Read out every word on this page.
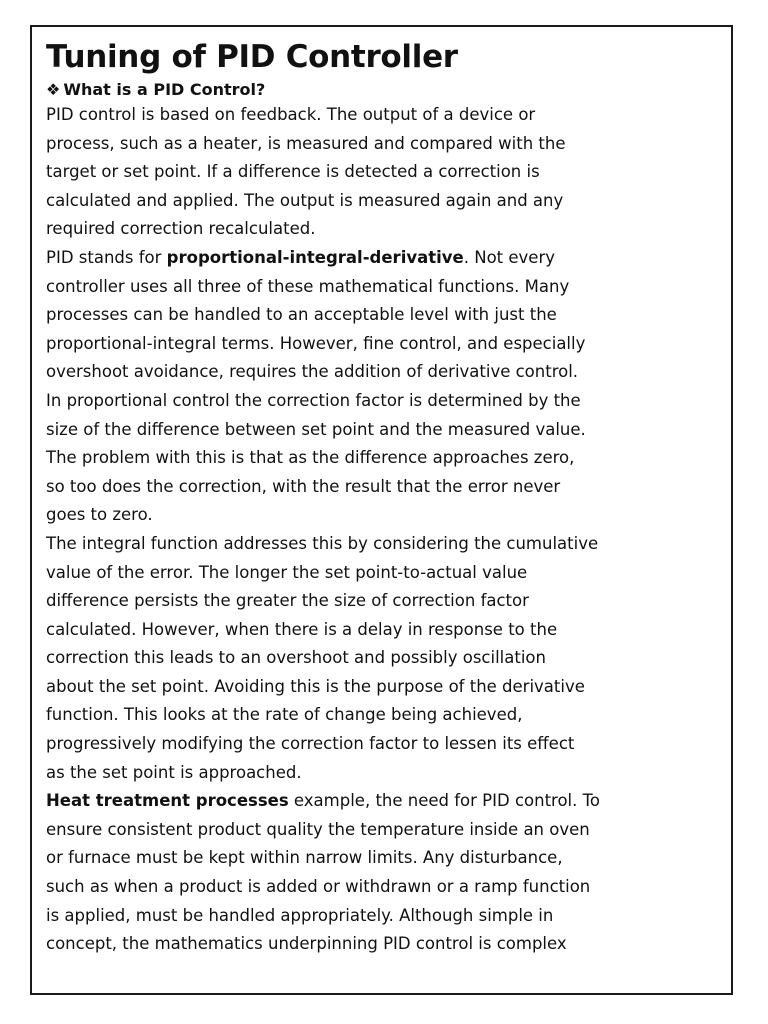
Tuning of PID Controller
❖ What is a PID Control?

PID control is based on feedback. The output of a device or

process, such as a heater, is measured and compared with the

target or set point. If a difference is detected a correction is

calculated and applied. The output is measured again and any

required correction recalculated.

PID stands for proportional-integral-derivative. Not every

controller uses all three of these mathematical functions. Many

processes can be handled to an acceptable level with just the

proportional-integral terms. However, fine control, and especially

overshoot avoidance, requires the addition of derivative control.

In proportional control the correction factor is determined by the

size of the difference between set point and the measured value.

The problem with this is that as the difference approaches zero,

so too does the correction, with the result that the error never

goes to zero.

The integral function addresses this by considering the cumulative

value of the error. The longer the set point-to-actual value

difference persists the greater the size of correction factor

calculated. However, when there is a delay in response to the

correction this leads to an overshoot and possibly oscillation

about the set point. Avoiding this is the purpose of the derivative

function. This looks at the rate of change being achieved,

progressively modifying the correction factor to lessen its effect

as the set point is approached.

Heat treatment processes example, the need for PID control. To

ensure consistent product quality the temperature inside an oven

or furnace must be kept within narrow limits. Any disturbance,

such as when a product is added or withdrawn or a ramp function

is applied, must be handled appropriately. Although simple in

concept, the mathematics underpinning PID control is complex
